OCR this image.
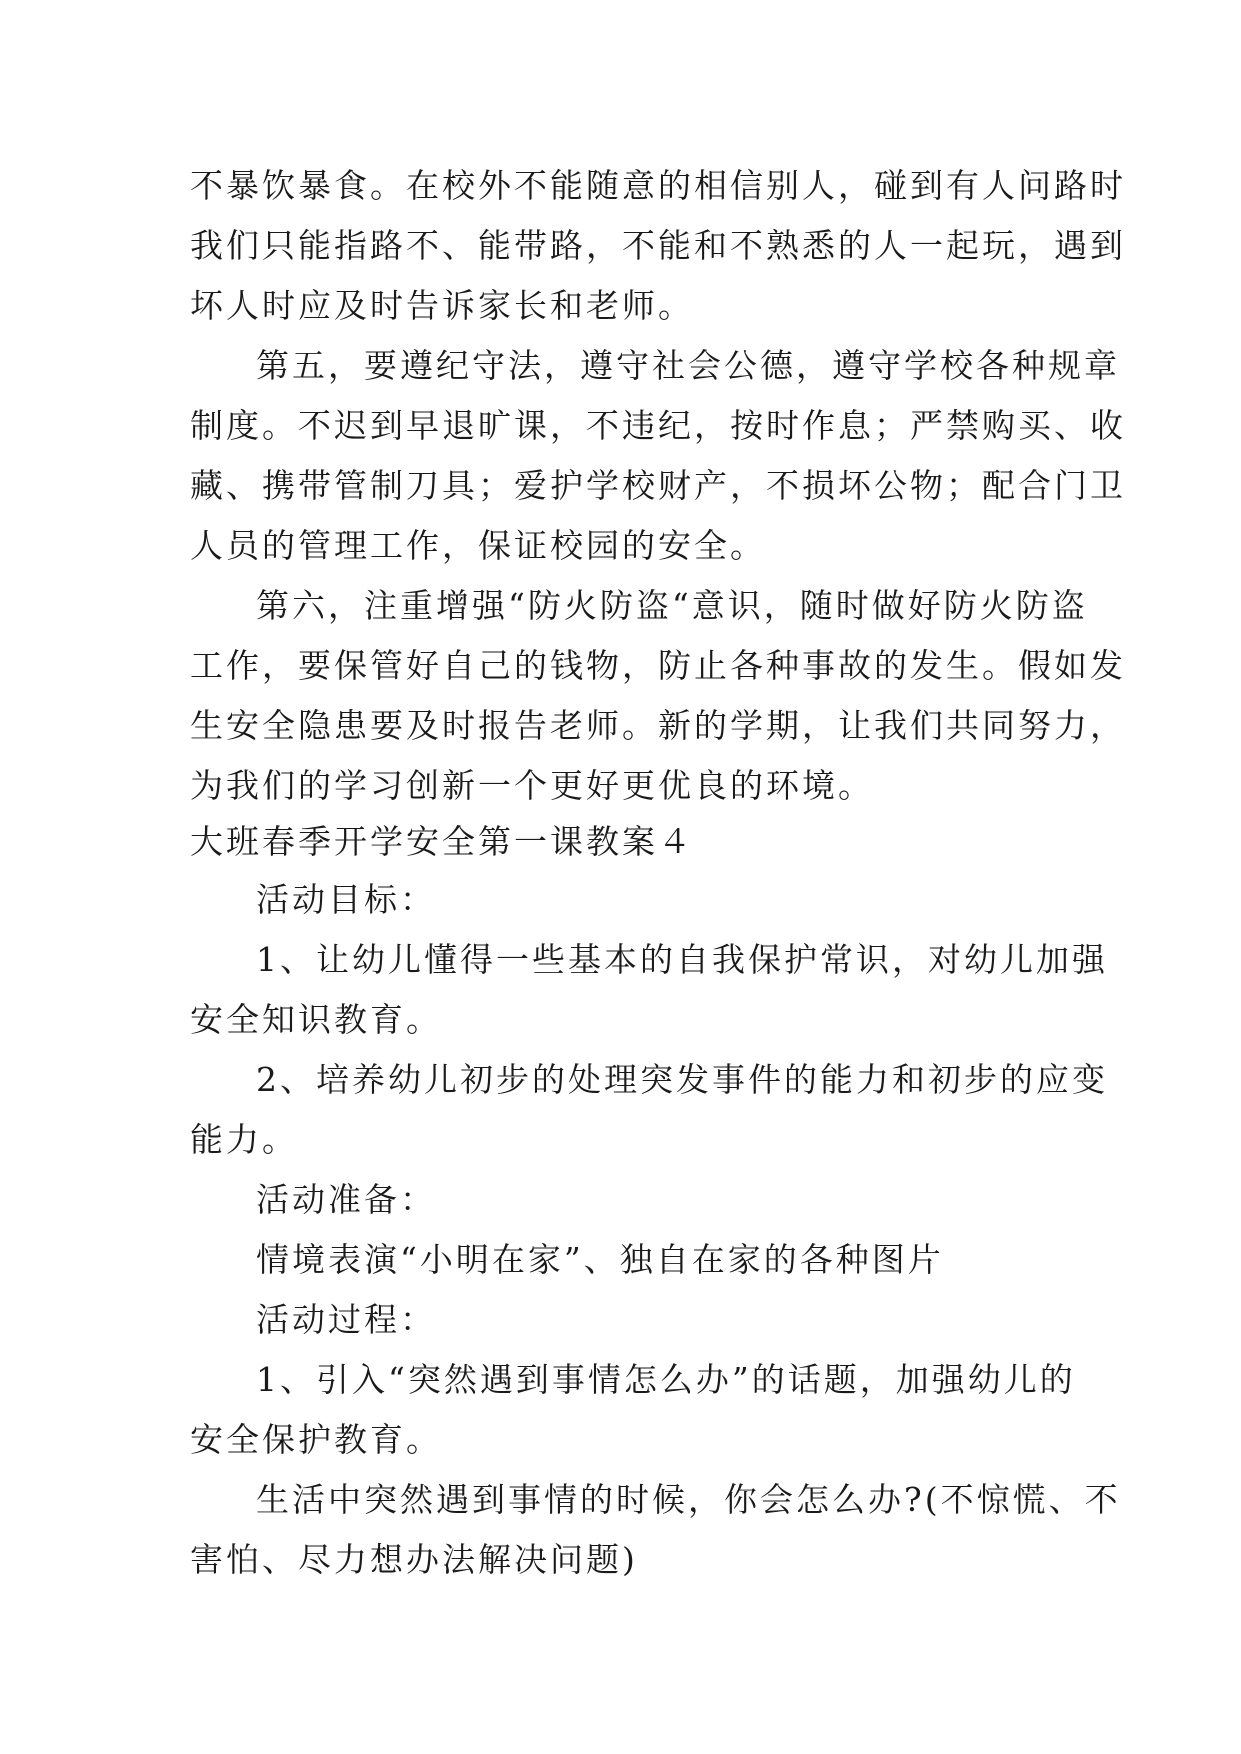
不暴饮暴食。在校外不能随意的相信别人，碰到有人问路时
我们只能指路不、能带路，不能和不熟悉的人一起玩，遇到
坏人时应及时告诉家长和老师。
第五，要遵纪守法，遵守社会公德，遵守学校各种规章
制度。不迟到早退旷课，不违纪，按时作息；严禁购买、收
藏、携带管制刀具；爱护学校财产，不损坏公物；配合门卫
人员的管理工作，保证校园的安全。
第六，注重增强“防火防盗“意识，随时做好防火防盗
工作，要保管好自己的钱物，防止各种事故的发生。假如发
生安全隐患要及时报告老师。新的学期，让我们共同努力，
为我们的学习创新一个更好更优良的环境。
大班春季开学安全第一课教案４
活动目标：
1、让幼儿懂得一些基本的自我保护常识，对幼儿加强
安全知识教育。
2、培养幼儿初步的处理突发事件的能力和初步的应变
能力。
活动准备：
情境表演“小明在家”、独自在家的各种图片
活动过程：
1、引入“突然遇到事情怎么办”的话题，加强幼儿的
安全保护教育。
生活中突然遇到事情的时候，你会怎么办?(不惊慌、不
害怕、尽力想办法解决问题)
